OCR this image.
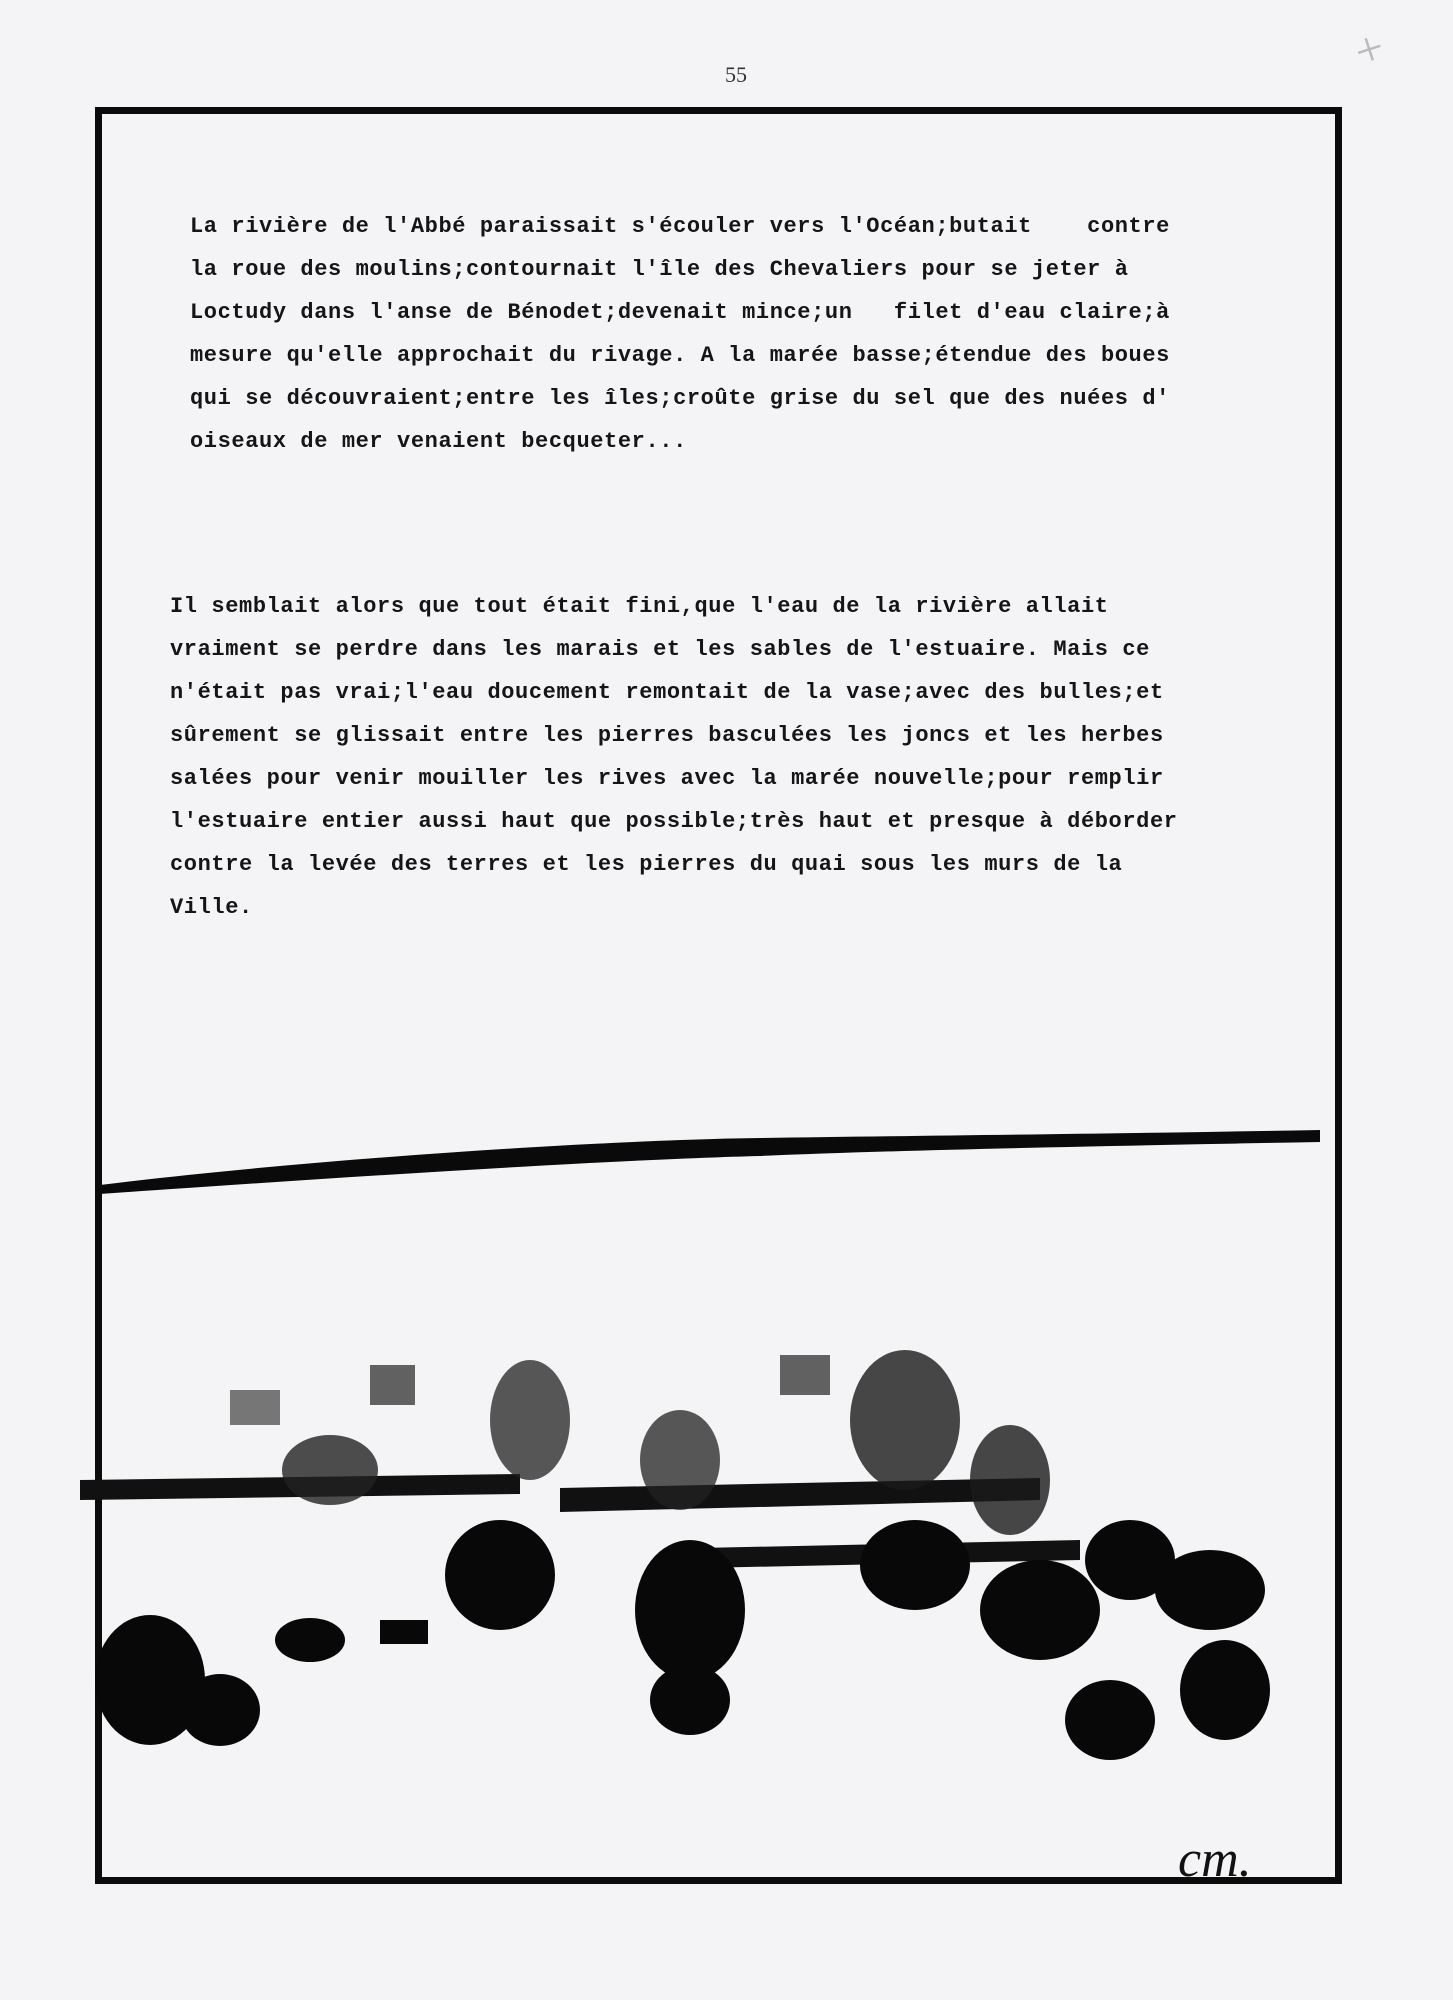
55	+
La rivière de l'Abbé paraissait s'écouler vers l'Océan;butait    contre
la roue des moulins;contournait l'île des Chevaliers pour se jeter à
Loctudy dans l'anse de Bénodet;devenait mince;un   filet d'eau claire;à
mesure qu'elle approchait du rivage. A la marée basse;étendue des boues
qui se découvraient;entre les îles;croûte grise du sel que des nuées d'
oiseaux de mer venaient becqueter...
Il semblait alors que tout était fini,que l'eau de la rivière allait
vraiment se perdre dans les marais et les sables de l'estuaire. Mais ce
n'était pas vrai;l'eau doucement remontait de la vase;avec des bulles;et
sûrement se glissait entre les pierres basculées les joncs et les herbes
salées pour venir mouiller les rives avec la marée nouvelle;pour remplir
l'estuaire entier aussi haut que possible;très haut et presque à déborder
contre la levée des terres et les pierres du quai sous les murs de la
Ville.
cm.
